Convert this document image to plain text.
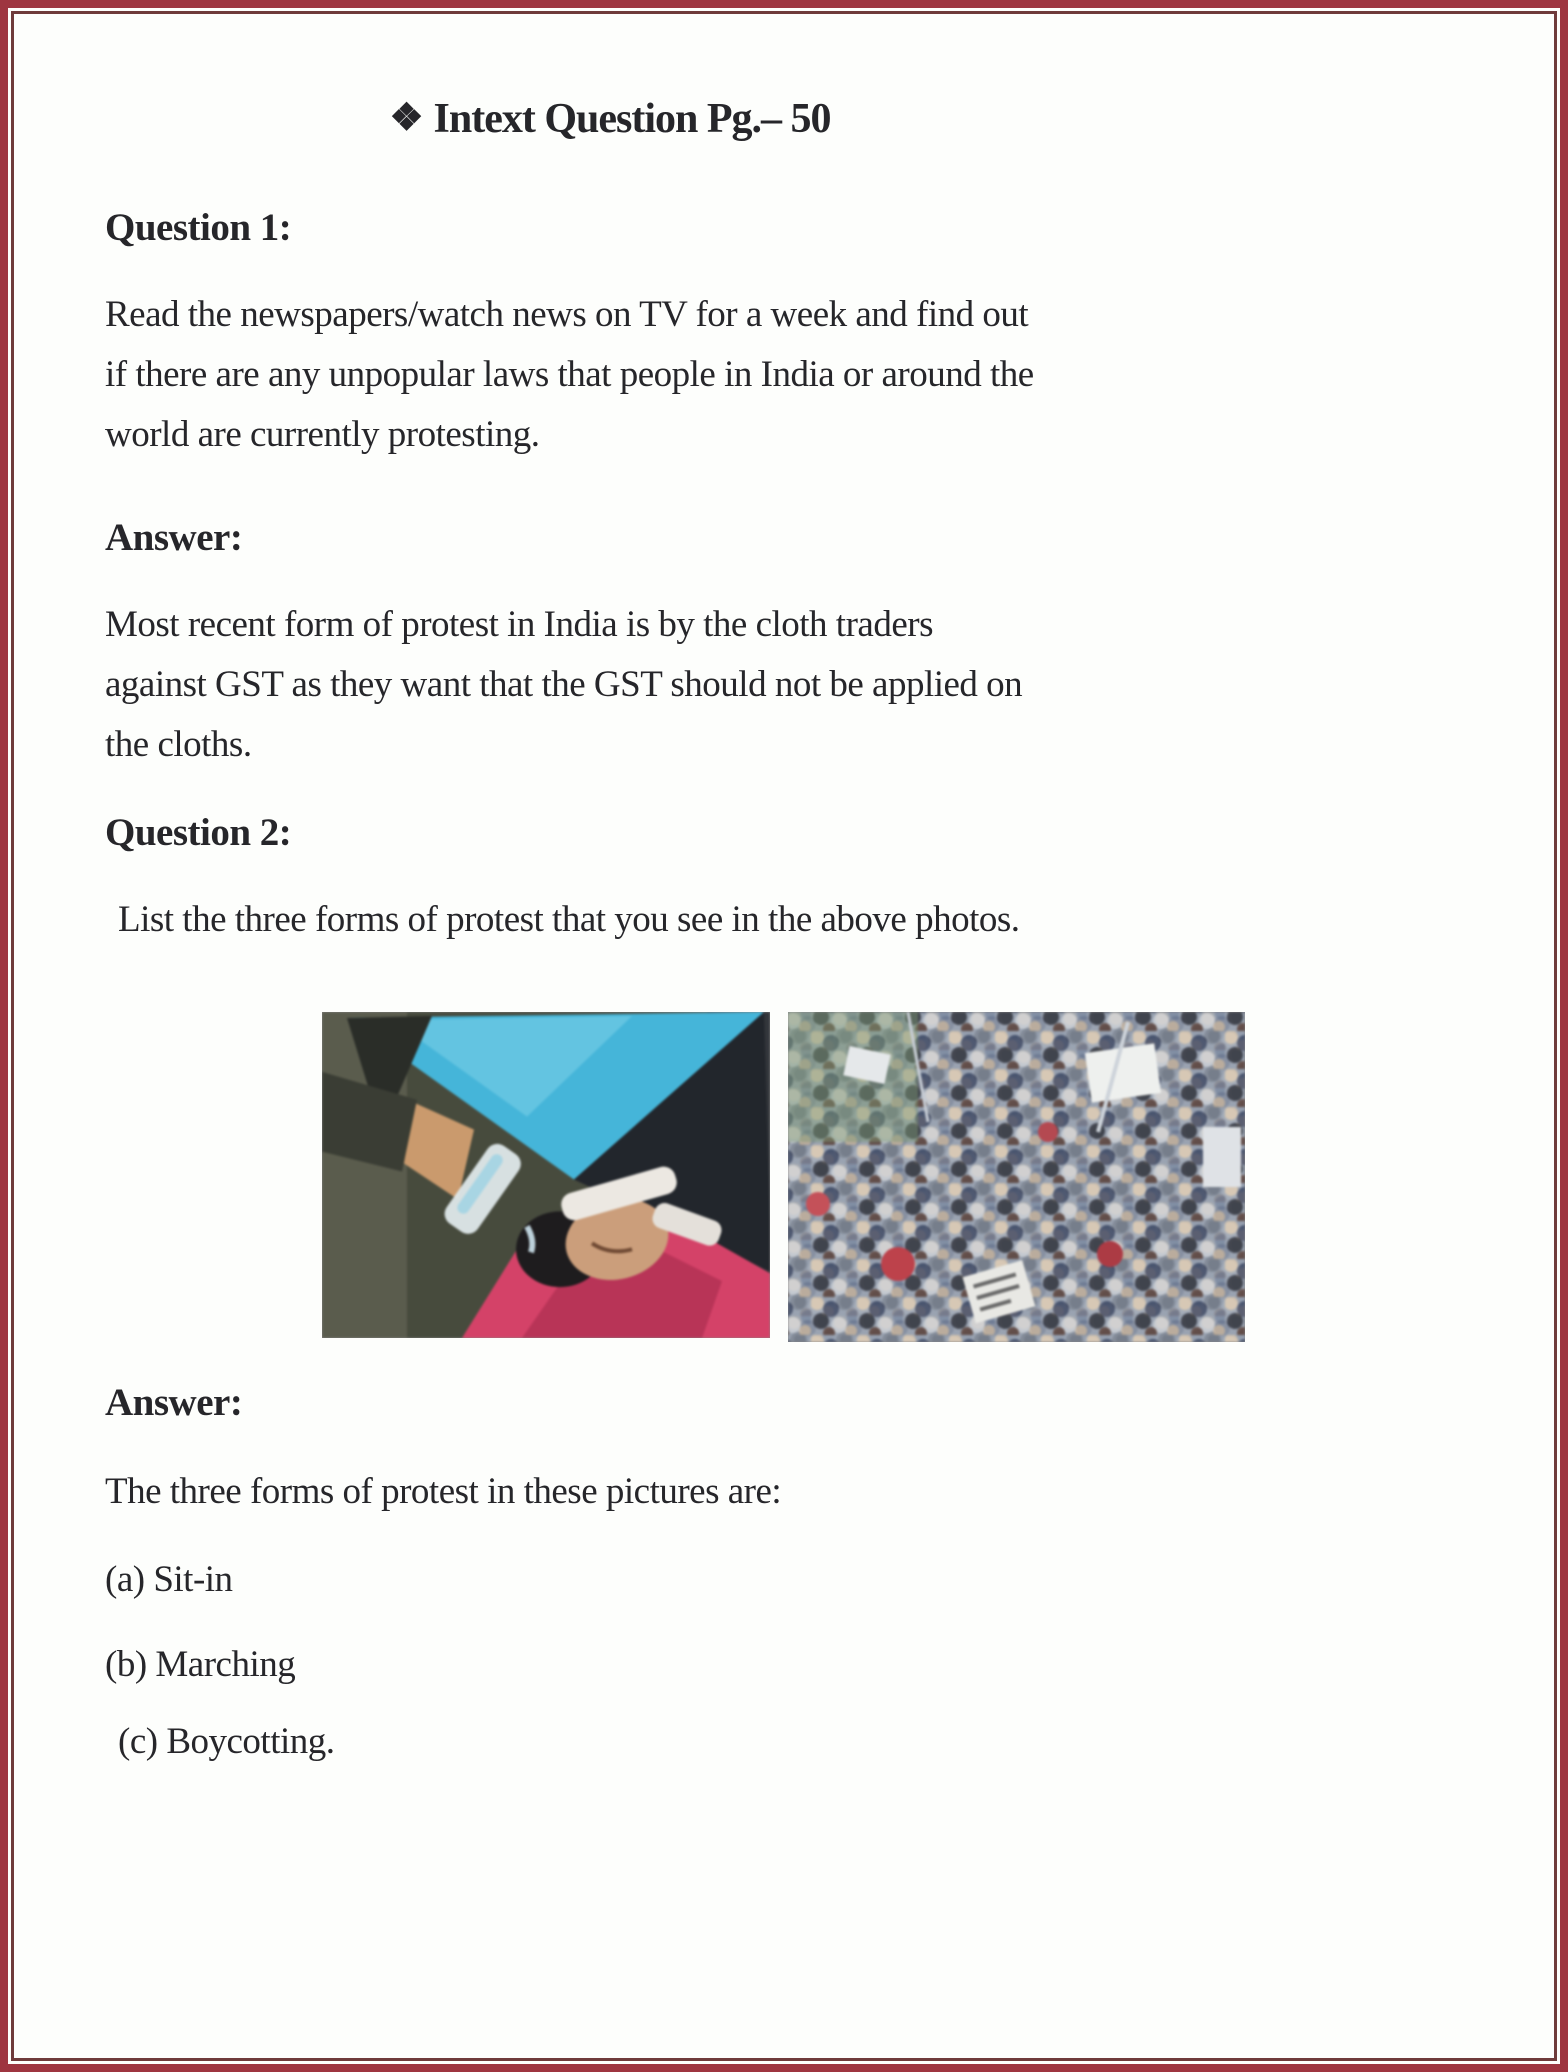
❖ Intext Question Pg.– 50
Question 1:
Read the newspapers/watch news on TV for a week and find out
if there are any unpopular laws that people in India or around the
world are currently protesting.
Answer:
Most recent form of protest in India is by the cloth traders
against GST as they want that the GST should not be applied on
the cloths.
Question 2:
List the three forms of protest that you see in the above photos.
Answer:
The three forms of protest in these pictures are:
(a) Sit-in
(b) Marching
(c) Boycotting.
